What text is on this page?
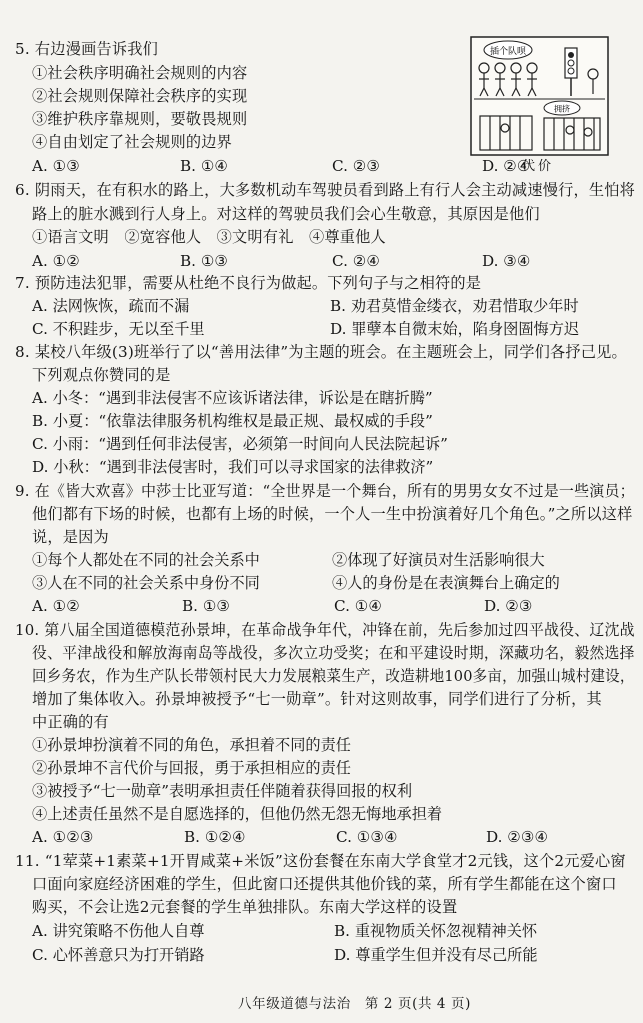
5. 右边漫画告诉我们
①社会秩序明确社会规则的内容
②社会规则保障社会秩序的实现
③维护秩序靠规则，要敬畏规则
④自由划定了社会规则的边界
A. ①③	B. ①④	C. ②③	D. ②④
插个队呗
拥挤
代价
6. 阴雨天，在有积水的路上，大多数机动车驾驶员看到路上有行人会主动减速慢行，生怕将
路上的脏水溅到行人身上。对这样的驾驶员我们会心生敬意，其原因是他们
①语言文明　②宽容他人　③文明有礼　④尊重他人
A. ①②	B. ①③	C. ②④	D. ③④
7. 预防违法犯罪，需要从杜绝不良行为做起。下列句子与之相符的是
A. 法网恢恢，疏而不漏	B. 劝君莫惜金缕衣，劝君惜取少年时
C. 不积跬步，无以至千里	D. 罪孽本自微末始，陷身囹圄悔方迟
8. 某校八年级(3)班举行了以“善用法律”为主题的班会。在主题班会上，同学们各抒己见。
下列观点你赞同的是
A. 小冬：“遇到非法侵害不应该诉诸法律，诉讼是在瞎折腾”
B. 小夏：“依靠法律服务机构维权是最正规、最权威的手段”
C. 小雨：“遇到任何非法侵害，必须第一时间向人民法院起诉”
D. 小秋：“遇到非法侵害时，我们可以寻求国家的法律救济”
9. 在《皆大欢喜》中莎士比亚写道：“全世界是一个舞台，所有的男男女女不过是一些演员；
他们都有下场的时候，也都有上场的时候，一个人一生中扮演着好几个角色。”之所以这样
说，是因为
①每个人都处在不同的社会关系中	②体现了好演员对生活影响很大
③人在不同的社会关系中身份不同	④人的身份是在表演舞台上确定的
A. ①②	B. ①③	C. ①④	D. ②③
10. 第八届全国道德模范孙景坤，在革命战争年代，冲锋在前，先后参加过四平战役、辽沈战
役、平津战役和解放海南岛等战役，多次立功受奖；在和平建设时期，深藏功名，毅然选择
回乡务农，作为生产队长带领村民大力发展粮菜生产，改造耕地100多亩，加强山城村建设，
增加了集体收入。孙景坤被授予“七一勋章”。针对这则故事，同学们进行了分析，其
中正确的有
①孙景坤扮演着不同的角色，承担着不同的责任
②孙景坤不言代价与回报，勇于承担相应的责任
③被授予“七一勋章”表明承担责任伴随着获得回报的权利
④上述责任虽然不是自愿选择的，但他仍然无怨无悔地承担着
A. ①②③	B. ①②④	C. ①③④	D. ②③④
11. “1荤菜+1素菜+1开胃咸菜+米饭”这份套餐在东南大学食堂才2元钱，这个2元爱心窗
口面向家庭经济困难的学生，但此窗口还提供其他价钱的菜，所有学生都能在这个窗口
购买，不会让选2元套餐的学生单独排队。东南大学这样的设置
A. 讲究策略不伤他人自尊	B. 重视物质关怀忽视精神关怀
C. 心怀善意只为打开销路	D. 尊重学生但并没有尽己所能
八年级道德与法治　第 2 页(共 4 页)
